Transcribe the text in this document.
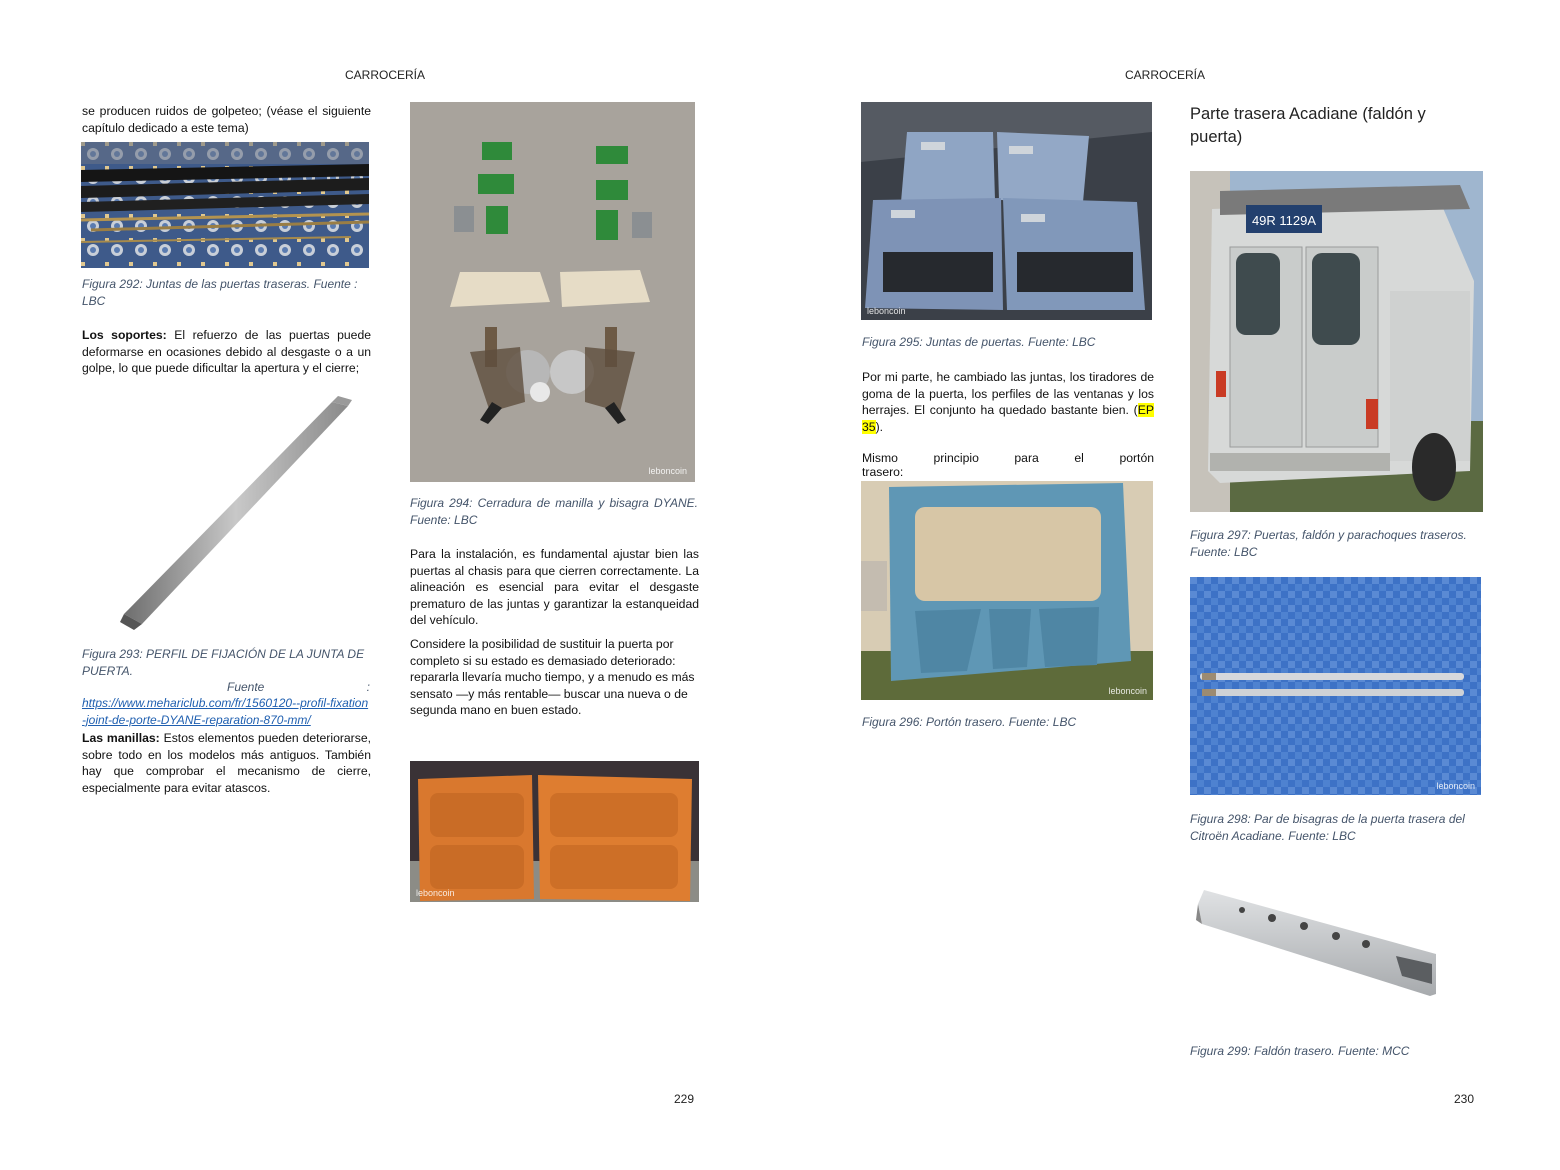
CARROCERÍA
se producen ruidos de golpeteo; (véase el siguiente capítulo dedicado a este tema)
Figura 292: Juntas de las puertas traseras. Fuente : LBC
Los soportes: El refuerzo de las puertas puede deformarse en ocasiones debido al desgaste o a un golpe, lo que puede dificultar la apertura y el cierre;
Figura 293: PERFIL DE FIJACIÓN DE LA JUNTA DE PUERTA.
Fuente	:
https://www.mehariclub.com/fr/1560120--profil-fixation-joint-de-porte-DYANE-reparation-870-mm/
Las manillas: Estos elementos pueden deteriorarse, sobre todo en los modelos más antiguos. También hay que comprobar el mecanismo de cierre, especialmente para evitar atascos.
leboncoin
Figura 294: Cerradura de manilla y bisagra DYANE. Fuente: LBC
Para la instalación, es fundamental ajustar bien las puertas al chasis para que cierren correctamente. La alineación es esencial para evitar el desgaste prematuro de las juntas y garantizar la estanqueidad del vehículo.
Considere la posibilidad de sustituir la puerta por completo si su estado es demasiado deteriorado: repararla llevaría mucho tiempo, y a menudo es más sensato —y más rentable— buscar una nueva o de segunda mano en buen estado.
leboncoin
229
CARROCERÍA
leboncoin
Figura 295: Juntas de puertas. Fuente: LBC
Por mi parte, he cambiado las juntas, los tiradores de goma de la puerta, los perfiles de las ventanas y los herrajes. El conjunto ha quedado bastante bien. (EP 35).
Mismo	principio	para	el	portón
trasero:
leboncoin
Figura 296: Portón trasero. Fuente: LBC
Parte trasera Acadiane (faldón y puerta)
49R 1129A
Figura 297: Puertas, faldón y parachoques traseros. Fuente: LBC
leboncoin
Figura 298: Par de bisagras de la puerta trasera del Citroën Acadiane. Fuente: LBC
Figura 299: Faldón trasero. Fuente: MCC
230
